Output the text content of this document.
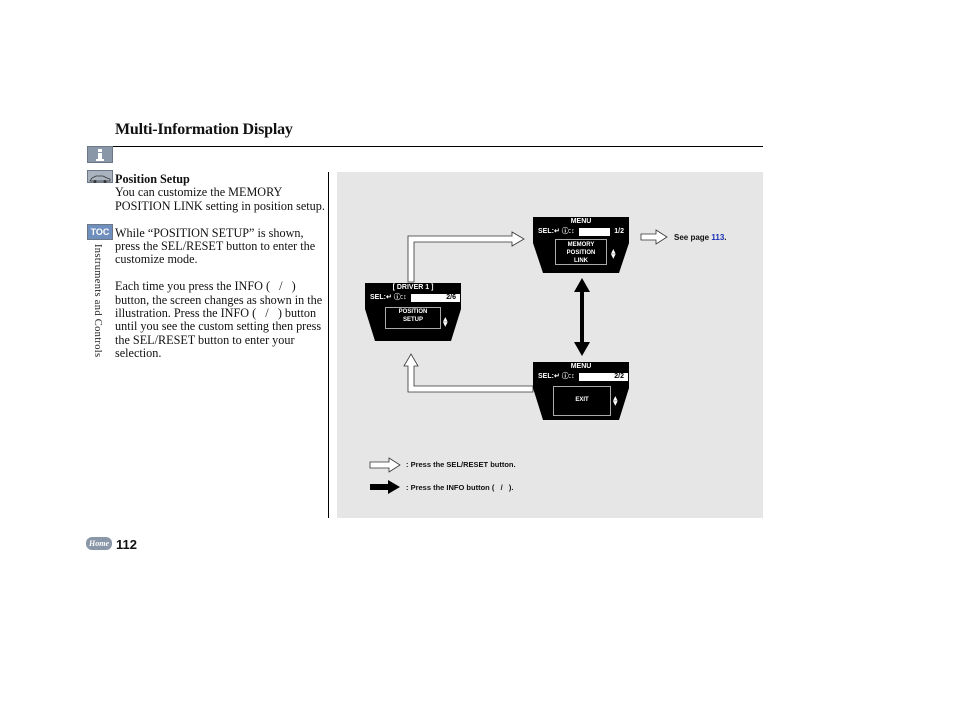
Multi-Information Display
TOC
Instruments and Controls
Position Setup

You can customize the MEMORY POSITION LINK setting in position setup.

While “POSITION SETUP” is shown, press the SEL/RESET button to enter the customize mode.

Each time you press the INFO (   /   ) button, the screen changes as shown in the illustration. Press the INFO (   /   ) button until you see the custom setting then press the SEL/RESET button to enter your selection.

Home 112
[ DRIVER 1 ]
SEL:↵ ⓘ:↕	2/6
POSITION
SETUP	▲
▼
MENU
SEL:↵ ⓘ:↕	1/2
MEMORY
POSITION
LINK
▲
▼
MENU
SEL:↵ ⓘ:↕	2/2
EXIT	▲
▼
See page 113.
: Press the SEL/RESET button.
: Press the INFO button (   /   ).
